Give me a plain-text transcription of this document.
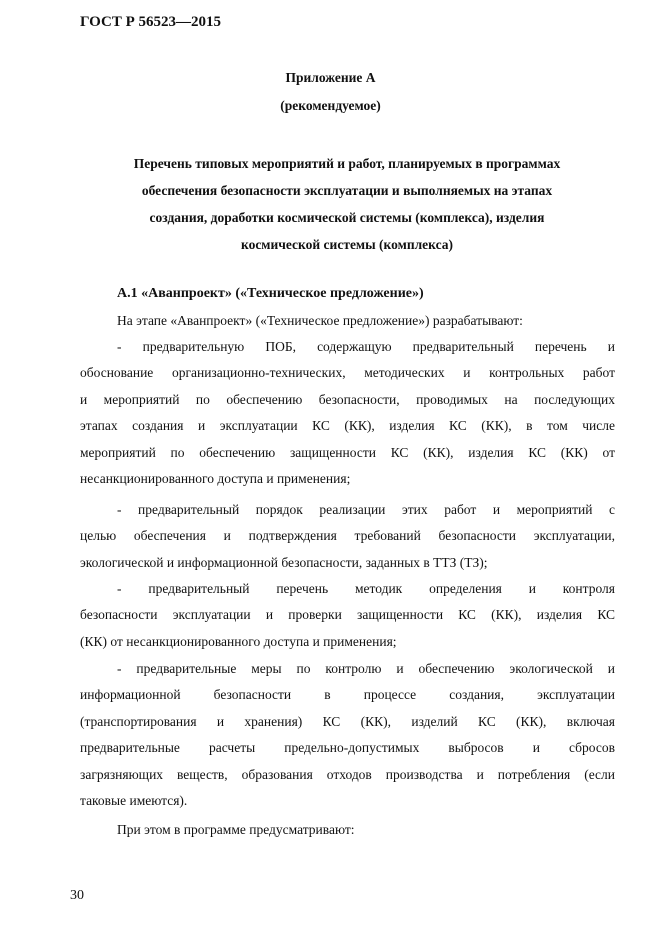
ГОСТ Р 56523—2015
Приложение А
(рекомендуемое)
Перечень типовых мероприятий и работ, планируемых в программах
обеспечения безопасности эксплуатации и выполняемых на этапах
создания, доработки космической системы (комплекса), изделия
космической системы (комплекса)
А.1 «Аванпроект» («Техническое предложение»)
На этапе «Аванпроект» («Техническое предложение») разрабатывают:
- предварительную ПОБ, содержащую предварительный перечень и
обоснование организационно-технических, методических и контрольных работ
и мероприятий по обеспечению безопасности, проводимых на последующих
этапах создания и эксплуатации КС (КК), изделия КС (КК), в том числе
мероприятий по обеспечению защищенности КС (КК), изделия КС (КК) от
несанкционированного доступа и применения;
- предварительный порядок реализации этих работ и мероприятий с
целью обеспечения и подтверждения требований безопасности эксплуатации,
экологической и информационной безопасности, заданных в ТТЗ (ТЗ);
- предварительный перечень методик определения и контроля
безопасности эксплуатации и проверки защищенности КС (КК), изделия КС
(КК) от несанкционированного доступа и применения;
- предварительные меры по контролю и обеспечению экологической и
информационной безопасности в процессе создания, эксплуатации
(транспортирования и хранения) КС (КК), изделий КС (КК), включая
предварительные расчеты предельно-допустимых выбросов и сбросов
загрязняющих веществ, образования отходов производства и потребления (если
таковые имеются).
При этом в программе предусматривают:
30
